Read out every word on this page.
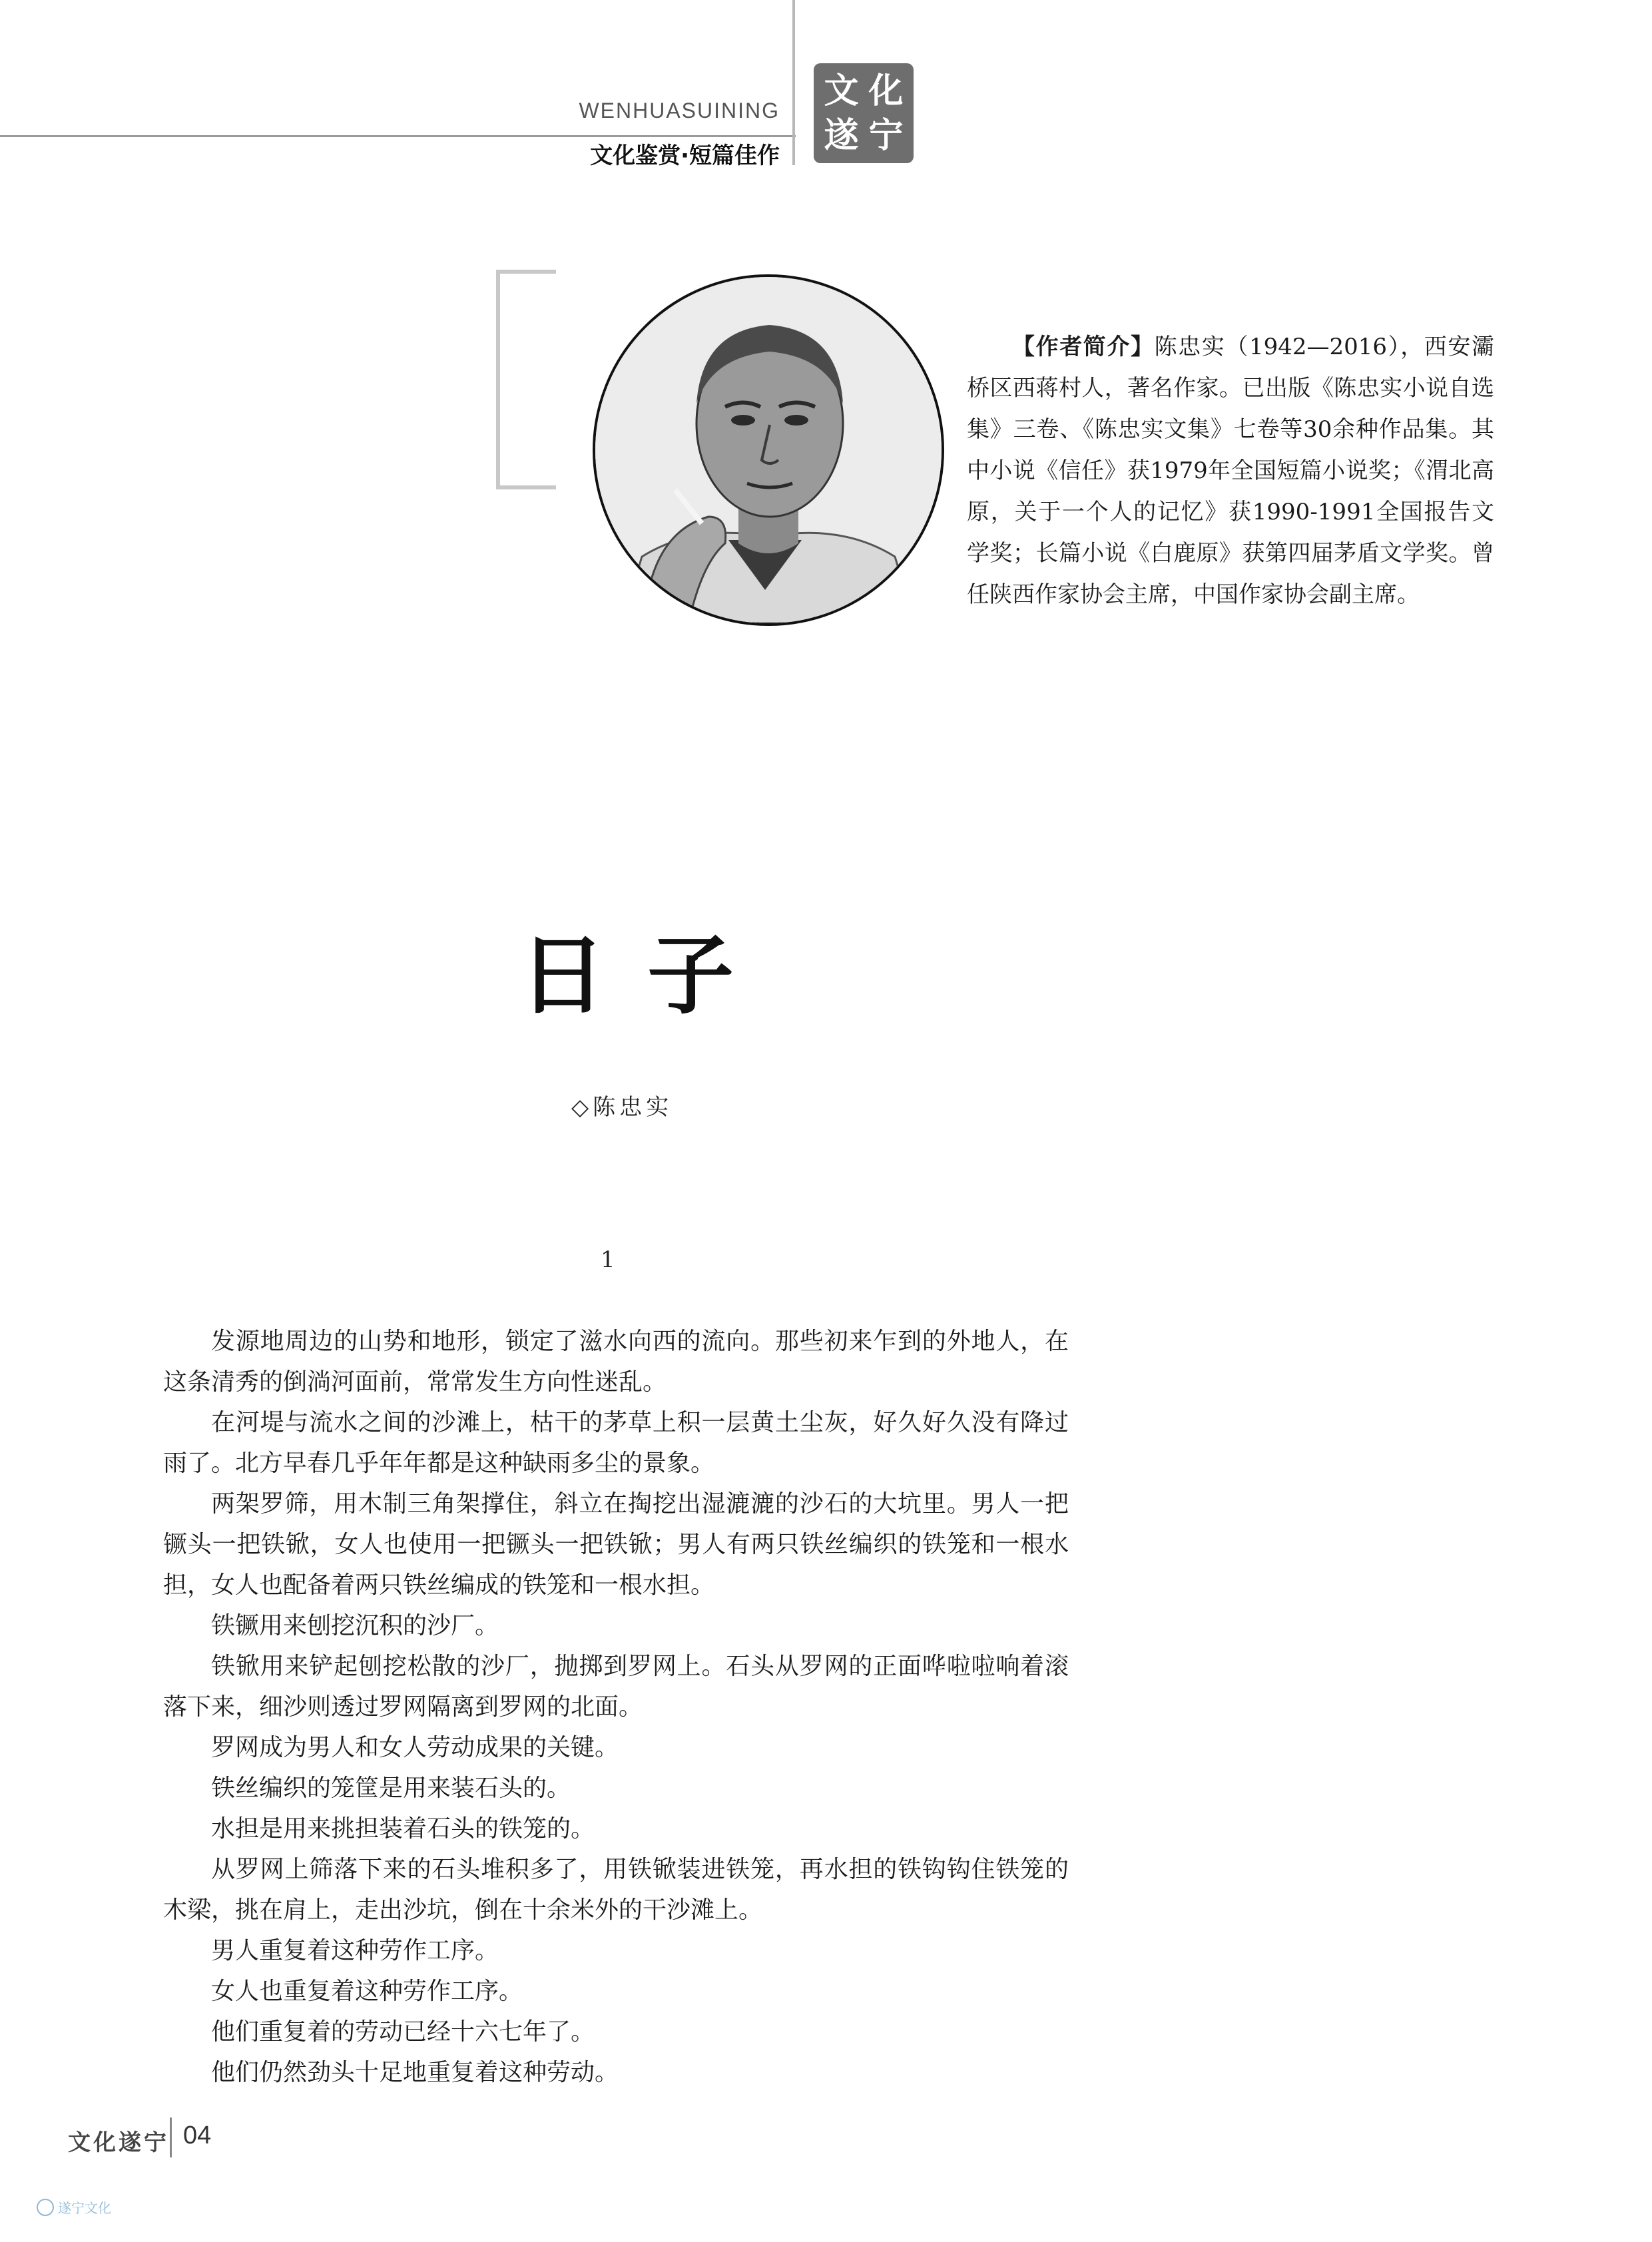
WENHUASUINING
文化鉴赏·短篇佳作
文 化
遂 宁
【作者简介】陈忠实（1942—2016），西安灞桥区西蒋村人，著名作家。已出版《陈忠实小说自选集》三卷、《陈忠实文集》七卷等30余种作品集。其中小说《信任》获1979年全国短篇小说奖；《渭北高原，关于一个人的记忆》获1990-1991全国报告文学奖；长篇小说《白鹿原》获第四届茅盾文学奖。曾任陕西作家协会主席，中国作家协会副主席。
日子
◇陈忠实
1

发源地周边的山势和地形，锁定了滋水向西的流向。那些初来乍到的外地人，在这条清秀的倒淌河面前，常常发生方向性迷乱。

在河堤与流水之间的沙滩上，枯干的茅草上积一层黄土尘灰，好久好久没有降过雨了。北方早春几乎年年都是这种缺雨多尘的景象。

两架罗筛，用木制三角架撑住，斜立在掏挖出湿漉漉的沙石的大坑里。男人一把镢头一把铁锨，女人也使用一把镢头一把铁锨；男人有两只铁丝编织的铁笼和一根水担，女人也配备着两只铁丝编成的铁笼和一根水担。

铁镢用来刨挖沉积的沙厂。

铁锨用来铲起刨挖松散的沙厂，抛掷到罗网上。石头从罗网的正面哗啦啦响着滚落下来，细沙则透过罗网隔离到罗网的北面。

罗网成为男人和女人劳动成果的关键。

铁丝编织的笼筐是用来装石头的。

水担是用来挑担装着石头的铁笼的。

从罗网上筛落下来的石头堆积多了，用铁锨装进铁笼，再水担的铁钩钩住铁笼的木梁，挑在肩上，走出沙坑，倒在十余米外的干沙滩上。

男人重复着这种劳作工序。

女人也重复着这种劳作工序。

他们重复着的劳动已经十六七年了。

他们仍然劲头十足地重复着这种劳动。

文化遂宁 04
遂宁文化
